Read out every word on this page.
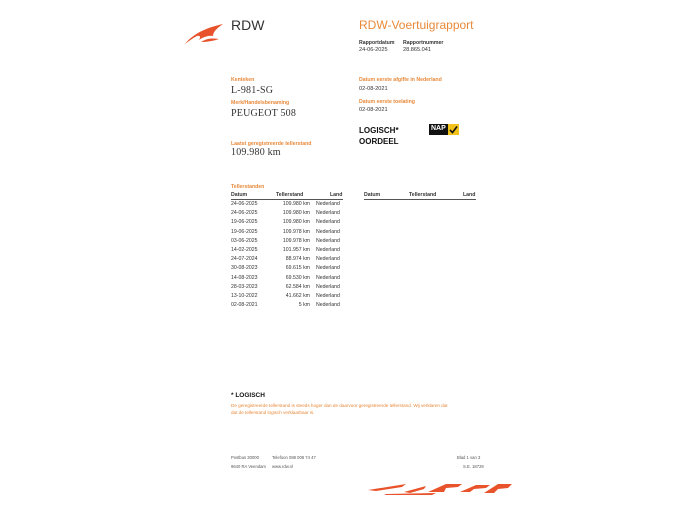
RDW	RDW-Voertuigrapport
Rapportdatum
24-06-2025
Rapportnummer
28.865.041
Kenteken
L-981-SG
Merk/Handelsbenaming
PEUGEOT 508
Laatst geregistreerde tellerstand
109.980 km
Datum eerste afgifte in Nederland
02-08-2021
Datum eerste toelating
02-08-2021
LOGISCH*
OORDEEL
NAP
Tellerstanden
Datum	Tellerstand	Land	Datum	Tellerstand	Land
24-06-2025	109.980 km Nederland
24-06-2025	109.980 km Nederland
19-06-2025	109.980 km Nederland
19-06-2025	109.978 km Nederland
03-06-2025	109.978 km Nederland
14-02-2025	101.957 km Nederland
24-07-2024	88.974 km Nederland
30-08-2023	69.615 km Nederland
14-08-2023	69.530 km Nederland
28-03-2023	62.584 km Nederland
13-10-2022	41.662 km Nederland
02-08-2021	5 km Nederland
* LOGISCH
De geregistreerde tellerstand is steeds hoger dan de daarvoor geregistreerde tellerstand. Wij verklaren dat
dat de tellerstand logisch verklaarbaar is.
Postbus 30000
9640 RA Veendam
Telefoon 088 008 74 47
www.rdw.nl
Blad 1 van 3
S.E. 18729
